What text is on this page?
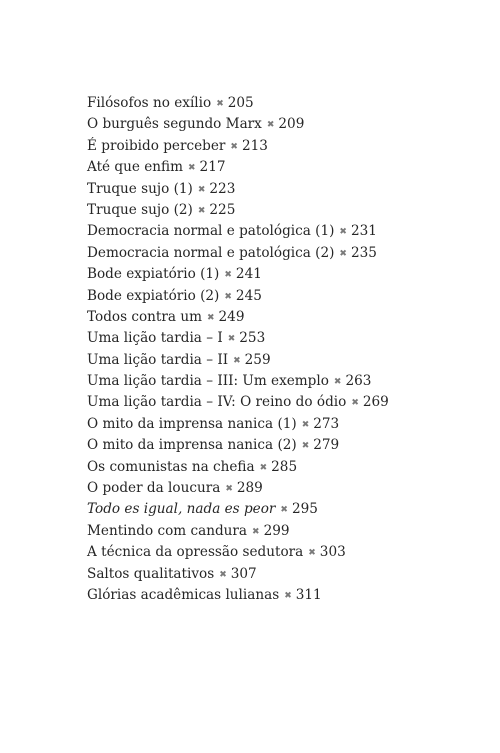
Filósofos no exílio ✖ 205
O burguês segundo Marx ✖ 209
É proibido perceber ✖ 213
Até que enfim ✖ 217
Truque sujo (1) ✖ 223
Truque sujo (2) ✖ 225
Democracia normal e patológica (1) ✖ 231
Democracia normal e patológica (2) ✖ 235
Bode expiatório (1) ✖ 241
Bode expiatório (2) ✖ 245
Todos contra um ✖ 249
Uma lição tardia – I ✖ 253
Uma lição tardia – II ✖ 259
Uma lição tardia – III: Um exemplo ✖ 263
Uma lição tardia – IV: O reino do ódio ✖ 269
O mito da imprensa nanica (1) ✖ 273
O mito da imprensa nanica (2) ✖ 279
Os comunistas na chefia ✖ 285
O poder da loucura ✖ 289
Todo es igual, nada es peor ✖ 295
Mentindo com candura ✖ 299
A técnica da opressão sedutora ✖ 303
Saltos qualitativos ✖ 307
Glórias acadêmicas lulianas ✖ 311
